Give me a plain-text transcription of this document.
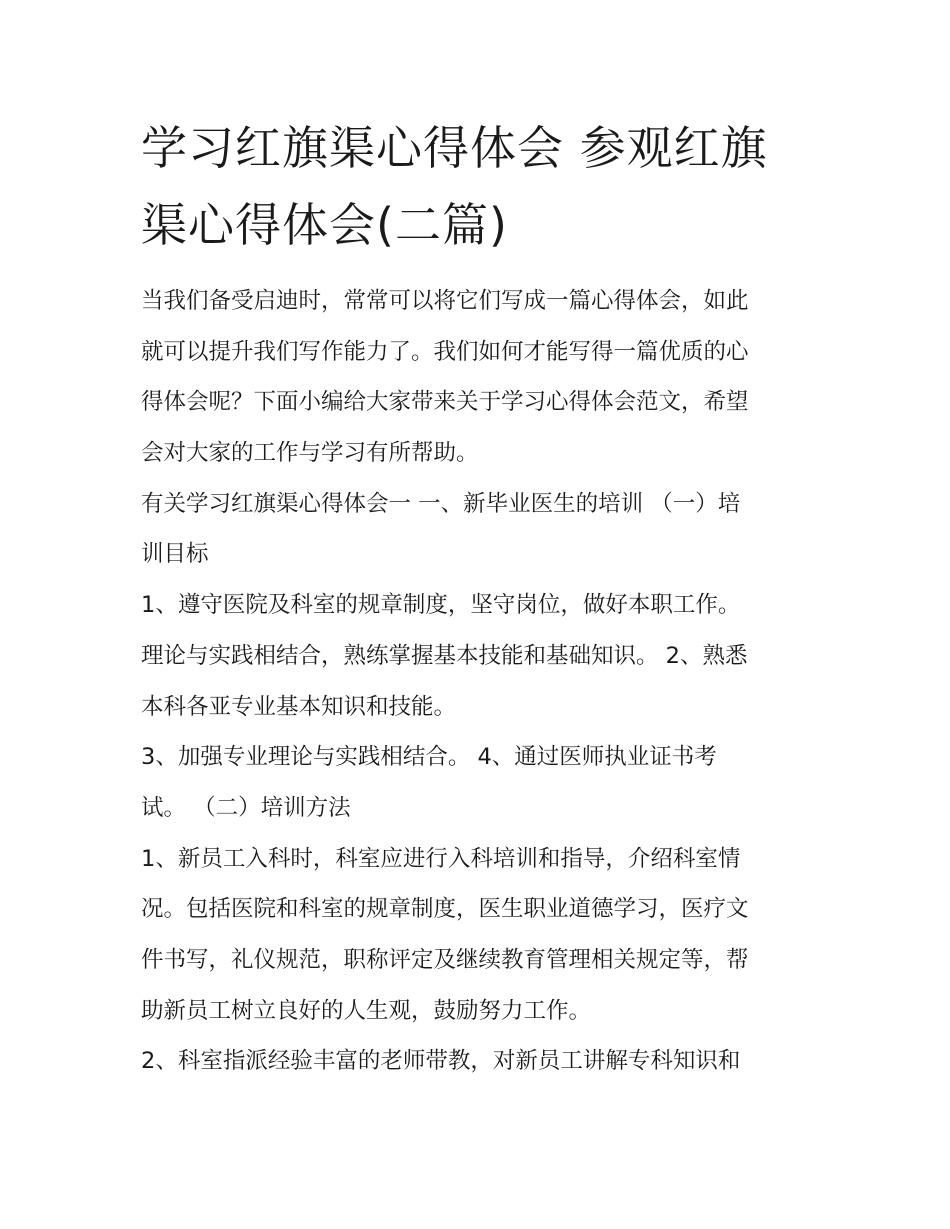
学习红旗渠心得体会 参观红旗
渠心得体会(二篇)
当我们备受启迪时，常常可以将它们写成一篇心得体会，如此
就可以提升我们写作能力了。我们如何才能写得一篇优质的心
得体会呢？下面小编给大家带来关于学习心得体会范文，希望
会对大家的工作与学习有所帮助。
有关学习红旗渠心得体会一 一、新毕业医生的培训 （一）培
训目标
1、遵守医院及科室的规章制度，坚守岗位，做好本职工作。
理论与实践相结合，熟练掌握基本技能和基础知识。 2、熟悉
本科各亚专业基本知识和技能。
3、加强专业理论与实践相结合。 4、通过医师执业证书考
试。 （二）培训方法
1、新员工入科时，科室应进行入科培训和指导，介绍科室情
况。包括医院和科室的规章制度，医生职业道德学习，医疗文
件书写，礼仪规范，职称评定及继续教育管理相关规定等，帮
助新员工树立良好的人生观，鼓励努力工作。
2、科室指派经验丰富的老师带教，对新员工讲解专科知识和
